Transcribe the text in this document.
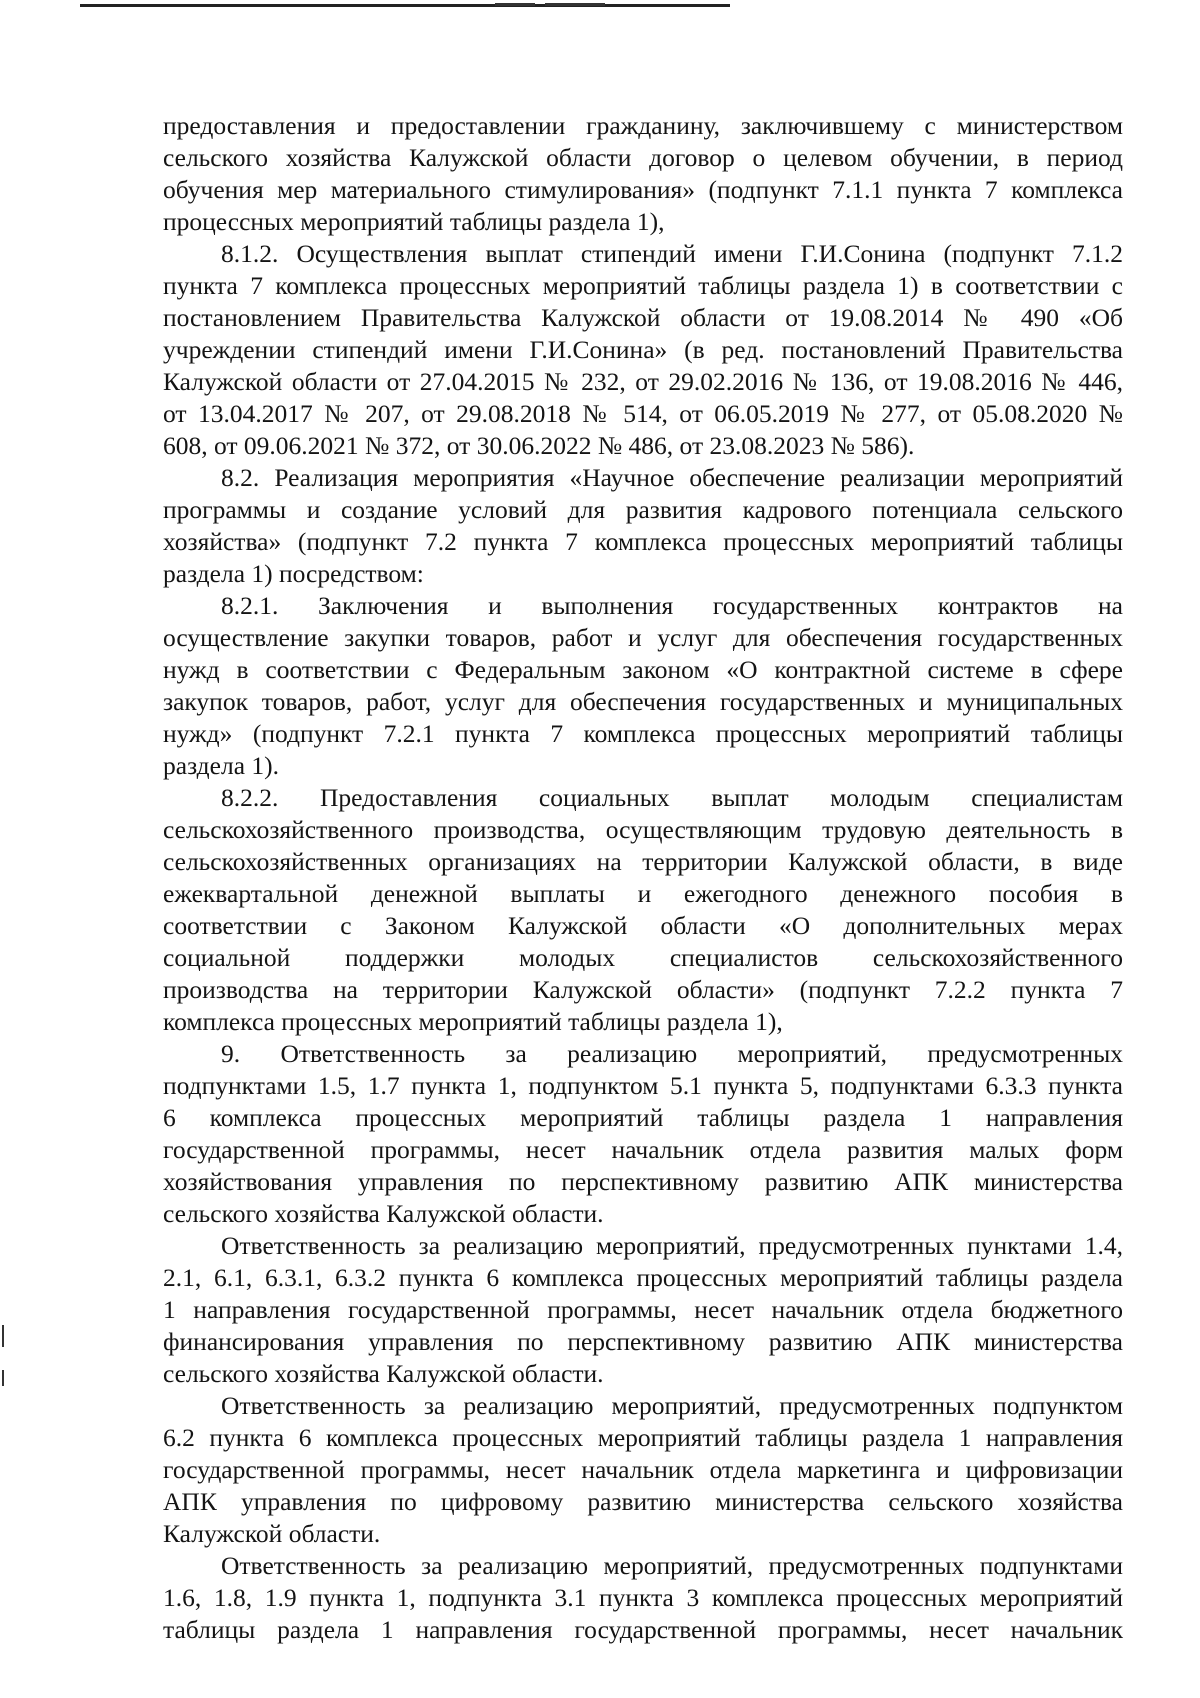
предоставления и предоставлении гражданину, заключившему с министерством
сельского хозяйства Калужской области договор о целевом обучении, в период
обучения мер материального стимулирования» (подпункт 7.1.1 пункта 7 комплекса
процессных мероприятий таблицы раздела 1),
8.1.2. Осуществления выплат стипендий имени Г.И.Сонина (подпункт 7.1.2
пункта 7 комплекса процессных мероприятий таблицы раздела 1) в соответствии с
постановлением Правительства Калужской области от 19.08.2014 № 490 «Об
учреждении стипендий имени Г.И.Сонина» (в ред. постановлений Правительства
Калужской области от 27.04.2015 № 232, от 29.02.2016 № 136, от 19.08.2016 № 446,
от 13.04.2017 № 207, от 29.08.2018 № 514, от 06.05.2019 № 277, от 05.08.2020 №
608, от 09.06.2021 № 372, от 30.06.2022 № 486, от 23.08.2023 № 586).
8.2. Реализация мероприятия «Научное обеспечение реализации мероприятий
программы и создание условий для развития кадрового потенциала сельского
хозяйства» (подпункт 7.2 пункта 7 комплекса процессных мероприятий таблицы
раздела 1) посредством:
8.2.1. Заключения и выполнения государственных контрактов на
осуществление закупки товаров, работ и услуг для обеспечения государственных
нужд в соответствии с Федеральным законом «О контрактной системе в сфере
закупок товаров, работ, услуг для обеспечения государственных и муниципальных
нужд» (подпункт 7.2.1 пункта 7 комплекса процессных мероприятий таблицы
раздела 1).
8.2.2. Предоставления социальных выплат молодым специалистам
сельскохозяйственного производства, осуществляющим трудовую деятельность в
сельскохозяйственных организациях на территории Калужской области, в виде
ежеквартальной денежной выплаты и ежегодного денежного пособия в
соответствии с Законом Калужской области «О дополнительных мерах
социальной поддержки молодых специалистов сельскохозяйственного
производства на территории Калужской области» (подпункт 7.2.2 пункта 7
комплекса процессных мероприятий таблицы раздела 1),
9. Ответственность за реализацию мероприятий, предусмотренных
подпунктами 1.5, 1.7 пункта 1, подпунктом 5.1 пункта 5, подпунктами 6.3.3 пункта
6 комплекса процессных мероприятий таблицы раздела 1 направления
государственной программы, несет начальник отдела развития малых форм
хозяйствования управления по перспективному развитию АПК министерства
сельского хозяйства Калужской области.
Ответственность за реализацию мероприятий, предусмотренных пунктами 1.4,
2.1, 6.1, 6.3.1, 6.3.2 пункта 6 комплекса процессных мероприятий таблицы раздела
1 направления государственной программы, несет начальник отдела бюджетного
финансирования управления по перспективному развитию АПК министерства
сельского хозяйства Калужской области.
Ответственность за реализацию мероприятий, предусмотренных подпунктом
6.2 пункта 6 комплекса процессных мероприятий таблицы раздела 1 направления
государственной программы, несет начальник отдела маркетинга и цифровизации
АПК управления по цифровому развитию министерства сельского хозяйства
Калужской области.
Ответственность за реализацию мероприятий, предусмотренных подпунктами
1.6, 1.8, 1.9 пункта 1, подпункта 3.1 пункта 3 комплекса процессных мероприятий
таблицы раздела 1 направления государственной программы, несет начальник
